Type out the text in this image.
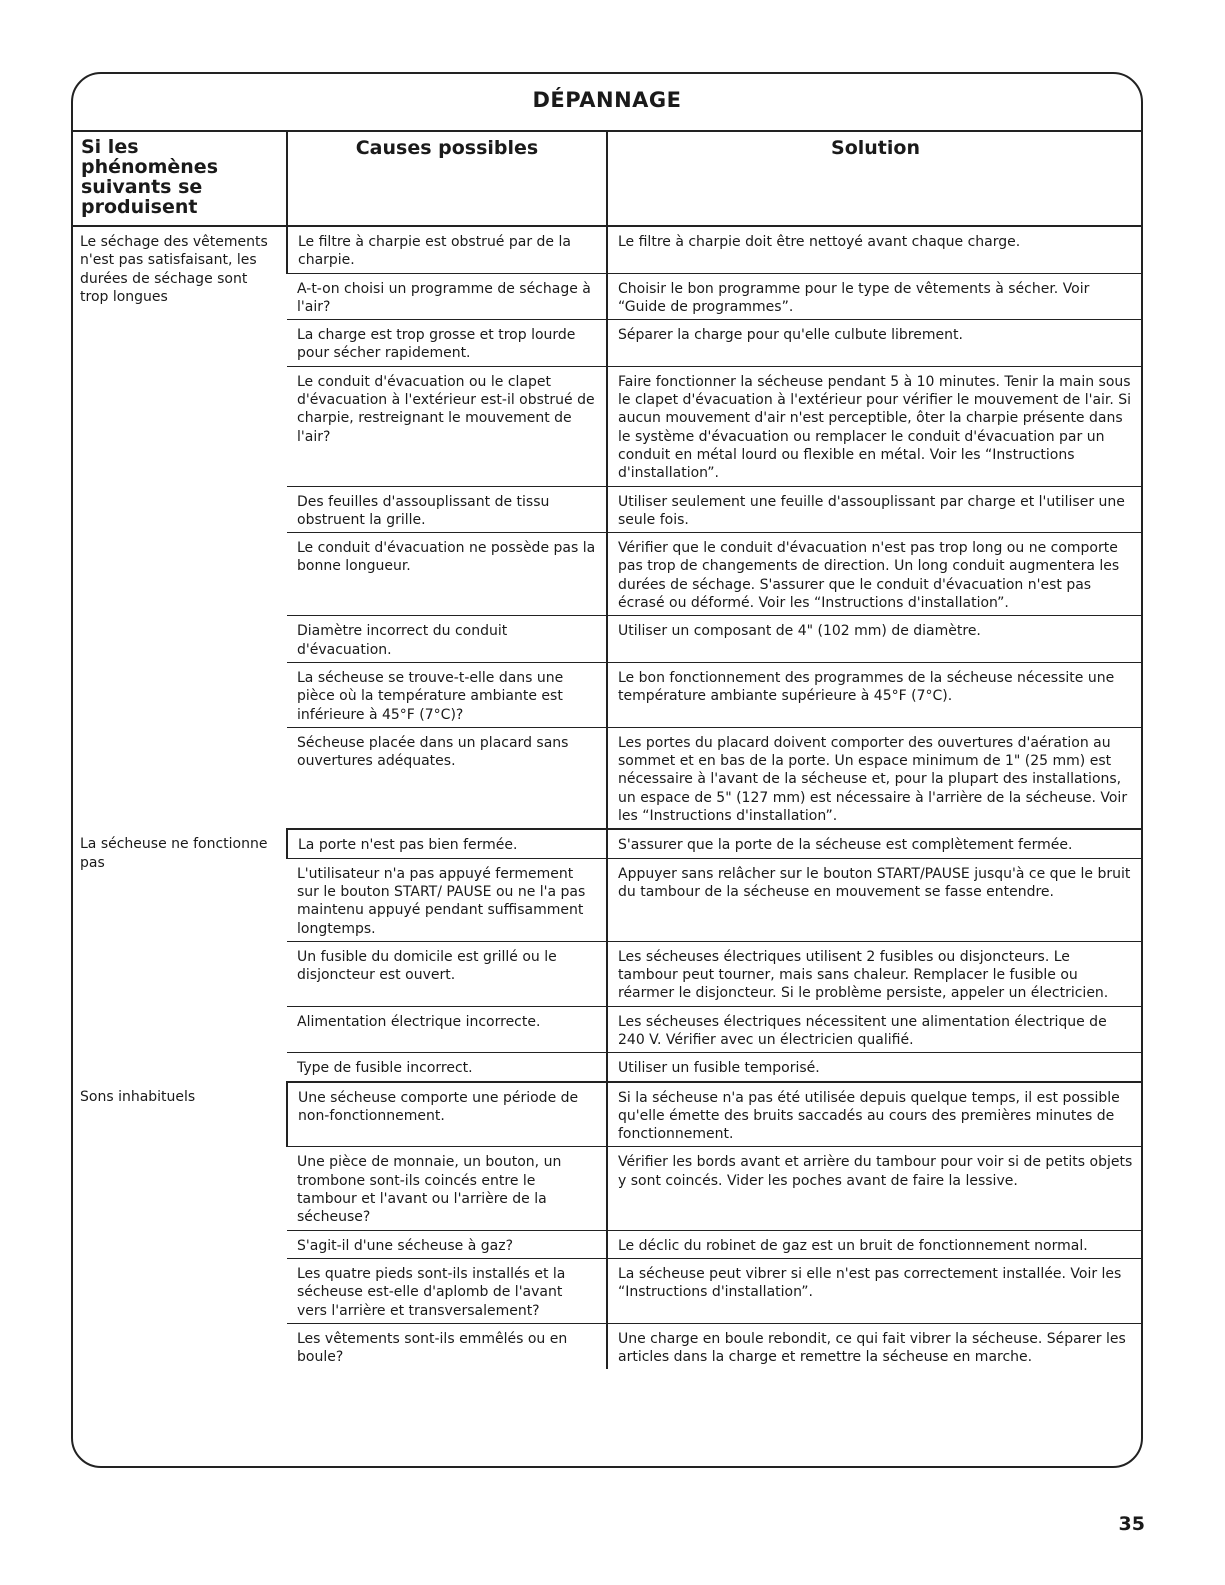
DÉPANNAGE
Si les phénomènes suivants se produisent	Causes possibles	Solution
Le séchage des vêtements n'est pas satisfaisant, les durées de séchage sont trop longues	Le filtre à charpie est obstrué par de la charpie.	Le filtre à charpie doit être nettoyé avant chaque charge.
	A-t-on choisi un programme de séchage à l'air?	Choisir le bon programme pour le type de vêtements à sécher. Voir “Guide de programmes”.
	La charge est trop grosse et trop lourde pour sécher rapidement.	Séparer la charge pour qu'elle culbute librement.
	Le conduit d'évacuation ou le clapet d'évacuation à l'extérieur est-il obstrué de charpie, restreignant le mouvement de l'air?	Faire fonctionner la sécheuse pendant 5 à 10 minutes. Tenir la main sous le clapet d'évacuation à l'extérieur pour vérifier le mouvement de l'air. Si aucun mouvement d'air n'est perceptible, ôter la charpie présente dans le système d'évacuation ou remplacer le conduit d'évacuation par un conduit en métal lourd ou flexible en métal. Voir les “Instructions d'installation”.
	Des feuilles d'assouplissant de tissu obstruent la grille.	Utiliser seulement une feuille d'assouplissant par charge et l'utiliser une seule fois.
	Le conduit d'évacuation ne possède pas la bonne longueur.	Vérifier que le conduit d'évacuation n'est pas trop long ou ne comporte pas trop de changements de direction. Un long conduit augmentera les durées de séchage. S'assurer que le conduit d'évacuation n'est pas écrasé ou déformé. Voir les “Instructions d'installation”.
	Diamètre incorrect du conduit d'évacuation.	Utiliser un composant de 4" (102 mm) de diamètre.
	La sécheuse se trouve-t-elle dans une pièce où la température ambiante est inférieure à 45°F (7°C)?	Le bon fonctionnement des programmes de la sécheuse nécessite une température ambiante supérieure à 45°F (7°C).
	Sécheuse placée dans un placard sans ouvertures adéquates.	Les portes du placard doivent comporter des ouvertures d'aération au sommet et en bas de la porte. Un espace minimum de 1" (25 mm) est nécessaire à l'avant de la sécheuse et, pour la plupart des installations, un espace de 5" (127 mm) est nécessaire à l'arrière de la sécheuse. Voir les “Instructions d'installation”.
La sécheuse ne fonctionne pas	La porte n'est pas bien fermée.	S'assurer que la porte de la sécheuse est complètement fermée.
	L'utilisateur n'a pas appuyé fermement sur le bouton START/ PAUSE ou ne l'a pas maintenu appuyé pendant suffisamment longtemps.	Appuyer sans relâcher sur le bouton START/PAUSE jusqu'à ce que le bruit du tambour de la sécheuse en mouvement se fasse entendre.
	Un fusible du domicile est grillé ou le disjoncteur est ouvert.	Les sécheuses électriques utilisent 2 fusibles ou disjoncteurs. Le tambour peut tourner, mais sans chaleur. Remplacer le fusible ou réarmer le disjoncteur. Si le problème persiste, appeler un électricien.
	Alimentation électrique incorrecte.	Les sécheuses électriques nécessitent une alimentation électrique de 240 V. Vérifier avec un électricien qualifié.
	Type de fusible incorrect.	Utiliser un fusible temporisé.
Sons inhabituels	Une sécheuse comporte une période de non-fonctionnement.	Si la sécheuse n'a pas été utilisée depuis quelque temps, il est possible qu'elle émette des bruits saccadés au cours des premières minutes de fonctionnement.
	Une pièce de monnaie, un bouton, un trombone sont-ils coincés entre le tambour et l'avant ou l'arrière de la sécheuse?	Vérifier les bords avant et arrière du tambour pour voir si de petits objets y sont coincés. Vider les poches avant de faire la lessive.
	S'agit-il d'une sécheuse à gaz?	Le déclic du robinet de gaz est un bruit de fonctionnement normal.
	Les quatre pieds sont-ils installés et la sécheuse est-elle d'aplomb de l'avant vers l'arrière et transversalement?	La sécheuse peut vibrer si elle n'est pas correctement installée. Voir les “Instructions d'installation”.
	Les vêtements sont-ils emmêlés ou en boule?	Une charge en boule rebondit, ce qui fait vibrer la sécheuse. Séparer les articles dans la charge et remettre la sécheuse en marche.
35
